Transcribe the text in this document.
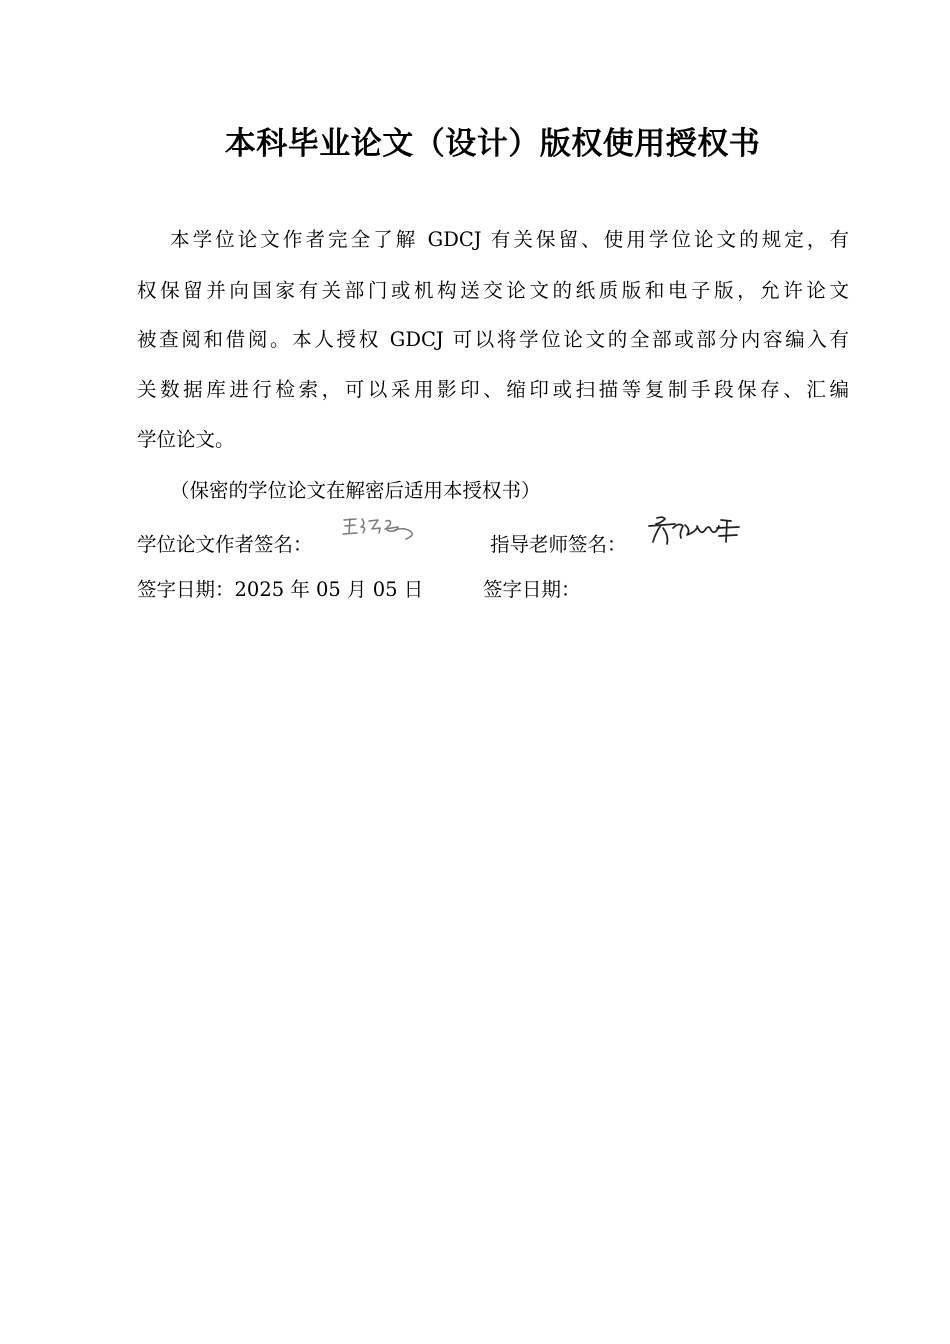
本科毕业论文（设计）版权使用授权书
本学位论文作者完全了解 GDCJ 有关保留、使用学位论文的规定，有
权保留并向国家有关部门或机构送交论文的纸质版和电子版，允许论文
被查阅和借阅。本人授权 GDCJ 可以将学位论文的全部或部分内容编入有
关数据库进行检索，可以采用影印、缩印或扫描等复制手段保存、汇编
学位论文。
（保密的学位论文在解密后适用本授权书）
学位论文作者签名：	指导老师签名：
签字日期：2025 年 05 月 05 日	签字日期：
